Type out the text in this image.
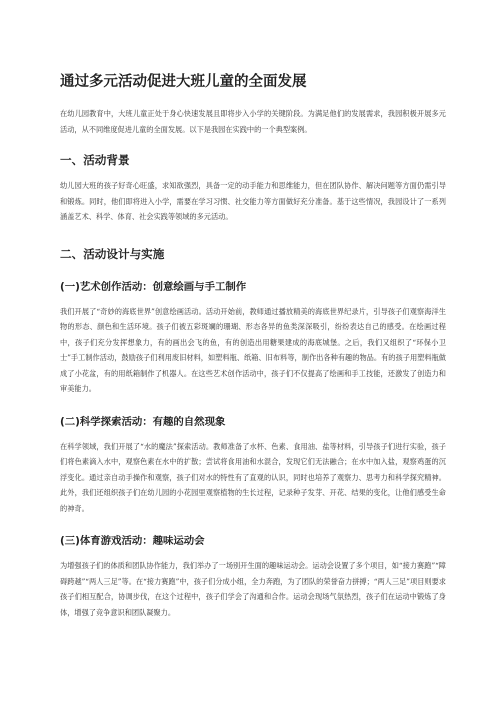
通过多元活动促进大班儿童的全面发展

在幼儿园教育中，大班儿童正处于身心快速发展且即将步入小学的关键阶段。为满足他们的发展需求，我园积极开展多元活动，从不同维度促进儿童的全面发展。以下是我园在实践中的一个典型案例。

一、活动背景

幼儿园大班的孩子好奇心旺盛，求知欲强烈，具备一定的动手能力和思维能力，但在团队协作、解决问题等方面仍需引导和锻炼。同时，他们即将进入小学，需要在学习习惯、社交能力等方面做好充分准备。基于这些情况，我园设计了一系列涵盖艺术、科学、体育、社会实践等领域的多元活动。

二、活动设计与实施
(一)艺术创作活动：创意绘画与手工制作

我们开展了“奇妙的海底世界”创意绘画活动。活动开始前，教师通过播放精美的海底世界纪录片，引导孩子们观察海洋生物的形态、颜色和生活环境。孩子们被五彩斑斓的珊瑚、形态各异的鱼类深深吸引，纷纷表达自己的感受。在绘画过程中，孩子们充分发挥想象力，有的画出会飞的鱼，有的创造出用糖果建成的海底城堡。之后，我们又组织了“环保小卫士”手工制作活动，鼓励孩子们利用废旧材料，如塑料瓶、纸箱、旧布料等，制作出各种有趣的物品。有的孩子用塑料瓶做成了小花盆，有的用纸箱制作了机器人。在这些艺术创作活动中，孩子们不仅提高了绘画和手工技能，还激发了创造力和审美能力。

(二)科学探索活动：有趣的自然现象

在科学领域，我们开展了“水的魔法”探索活动。教师准备了水杯、色素、食用油、盐等材料，引导孩子们进行实验，孩子们将色素滴入水中，观察色素在水中的扩散；尝试将食用油和水混合，发现它们无法融合；在水中加入盐，观察鸡蛋的沉浮变化。通过亲自动手操作和观察，孩子们对水的特性有了直观的认识，同时也培养了观察力、思考力和科学探究精神。此外，我们还组织孩子们在幼儿园的小花园里观察植物的生长过程，记录种子发芽、开花、结果的变化，让他们感受生命的神奇。

(三)体育游戏活动：趣味运动会

为增强孩子们的体质和团队协作能力，我们举办了一场别开生面的趣味运动会。运动会设置了多个项目，如“接力赛跑”“障碍跨越”“两人三足”等。在“接力赛跑”中，孩子们分成小组，全力奔跑，为了团队的荣誉奋力拼搏；“两人三足”项目则要求孩子们相互配合，协调步伐，在这个过程中，孩子们学会了沟通和合作。运动会现场气氛热烈，孩子们在运动中锻炼了身体，增强了竞争意识和团队凝聚力。
